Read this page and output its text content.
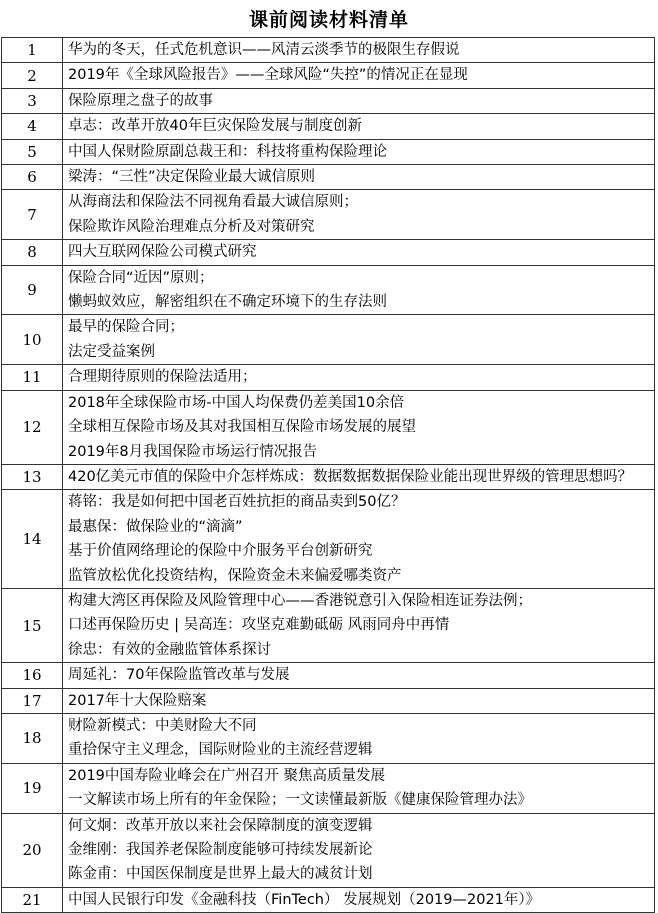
课前阅读材料清单
1	华为的冬天，任式危机意识——风清云淡季节的极限生存假说

2	2019年《全球风险报告》——全球风险“失控”的情况正在显现

3	保险原理之盘子的故事

4	卓志：改革开放40年巨灾保险发展与制度创新

5	中国人保财险原副总裁王和：科技将重构保险理论

6	梁涛：“三性”决定保险业最大诚信原则

7	从海商法和保险法不同视角看最大诚信原则；
保险欺诈风险治理难点分析及对策研究

8	四大互联网保险公司模式研究

9	保险合同“近因”原则；
懒蚂蚁效应，解密组织在不确定环境下的生存法则

10	最早的保险合同；
法定受益案例

11	合理期待原则的保险法适用；

12	2018年全球保险市场-中国人均保费仍差美国10余倍
全球相互保险市场及其对我国相互保险市场发展的展望
2019年8月我国保险市场运行情况报告

13	420亿美元市值的保险中介怎样炼成：数据数据数据保险业能出现世界级的管理思想吗？

14	蒋铭：我是如何把中国老百姓抗拒的商品卖到50亿？
最惠保：做保险业的“滴滴”
基于价值网络理论的保险中介服务平台创新研究
监管放松优化投资结构，保险资金未来偏爱哪类资产

15	构建大湾区再保险及风险管理中心——香港锐意引入保险相连证券法例；
口述再保险历史 | 吴高连：攻坚克难勤砥砺 风雨同舟中再情
徐忠：有效的金融监管体系探讨

16	周延礼：70年保险监管改革与发展

17	2017年十大保险赔案

18	财险新模式：中美财险大不同
重拾保守主义理念，国际财险业的主流经营逻辑

19	2019中国寿险业峰会在广州召开 聚焦高质量发展
一文解读市场上所有的年金保险；一文读懂最新版《健康保险管理办法》

20	何文炯：改革开放以来社会保障制度的演变逻辑
金维刚：我国养老保险制度能够可持续发展新论
陈金甫：中国医保制度是世界上最大的减贫计划

21	中国人民银行印发《金融科技（FinTech） 发展规划（2019—2021年）》
